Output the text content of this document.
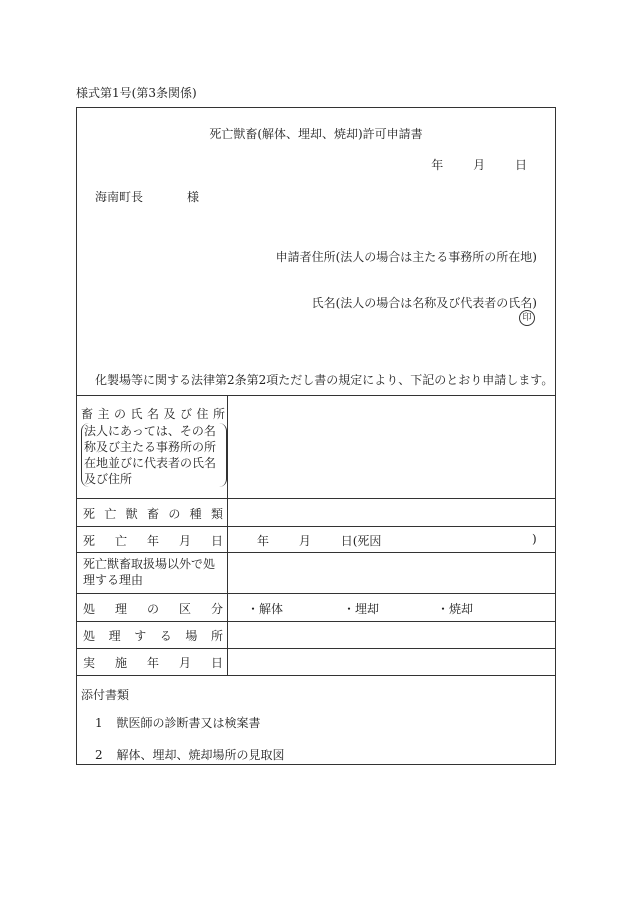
様式第1号(第3条関係)
死亡獣畜(解体、埋却、焼却)許可申請書
年 月 日
海南町長	様
申請者住所(法人の場合は主たる事務所の所在地)
氏名(法人の場合は名称及び代表者の氏名)
印
化製場等に関する法律第2条第2項ただし書の規定により、下記のとおり申請します。
畜主の氏名及び住所
法人にあっては、その名称及び主たる事務所の所在地並びに代表者の氏名及び住所
死亡獣畜の種類
死亡年月日	年 月 日(死因	)
死亡獣畜取扱場以外で処理する理由
処理の区分 ・解体	・埋却	・焼却
処理する場所
実施年月日
添付書類
1 獣医師の診断書又は検案書
2 解体、埋却、焼却場所の見取図
